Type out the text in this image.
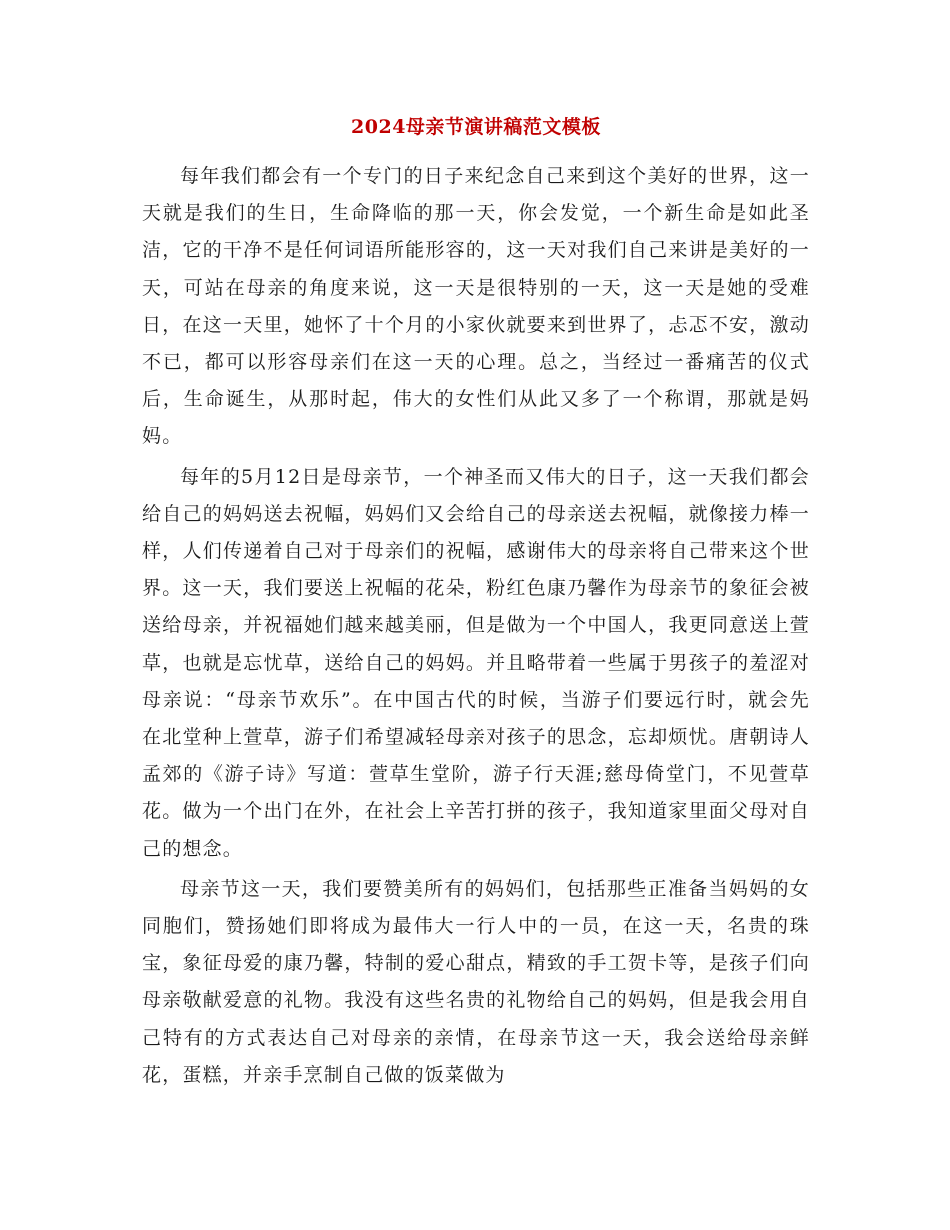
2024母亲节演讲稿范文模板

每年我们都会有一个专门的日子来纪念自己来到这个美好的世界，这一天就是我们的生日，生命降临的那一天，你会发觉，一个新生命是如此圣洁，它的干净不是任何词语所能形容的，这一天对我们自己来讲是美好的一天，可站在母亲的角度来说，这一天是很特别的一天，这一天是她的受难日，在这一天里，她怀了十个月的小家伙就要来到世界了，忐忑不安，激动不已，都可以形容母亲们在这一天的心理。总之，当经过一番痛苦的仪式后，生命诞生，从那时起，伟大的女性们从此又多了一个称谓，那就是妈妈。

每年的5月12日是母亲节，一个神圣而又伟大的日子，这一天我们都会给自己的妈妈送去祝幅，妈妈们又会给自己的母亲送去祝幅，就像接力棒一样，人们传递着自己对于母亲们的祝幅，感谢伟大的母亲将自己带来这个世界。这一天，我们要送上祝幅的花朵，粉红色康乃馨作为母亲节的象征会被送给母亲，并祝福她们越来越美丽，但是做为一个中国人，我更同意送上萱草，也就是忘忧草，送给自己的妈妈。并且略带着一些属于男孩子的羞涩对母亲说：“母亲节欢乐”。在中国古代的时候，当游子们要远行时，就会先在北堂种上萱草，游子们希望减轻母亲对孩子的思念，忘却烦忧。唐朝诗人孟郊的《游子诗》写道：萱草生堂阶，游子行天涯;慈母倚堂门，不见萱草花。做为一个出门在外，在社会上辛苦打拼的孩子，我知道家里面父母对自己的想念。

母亲节这一天，我们要赞美所有的妈妈们，包括那些正准备当妈妈的女同胞们，赞扬她们即将成为最伟大一行人中的一员，在这一天，名贵的珠宝，象征母爱的康乃馨，特制的爱心甜点，精致的手工贺卡等，是孩子们向母亲敬献爱意的礼物。我没有这些名贵的礼物给自己的妈妈，但是我会用自己特有的方式表达自己对母亲的亲情，在母亲节这一天，我会送给母亲鲜花，蛋糕，并亲手烹制自己做的饭菜做为
